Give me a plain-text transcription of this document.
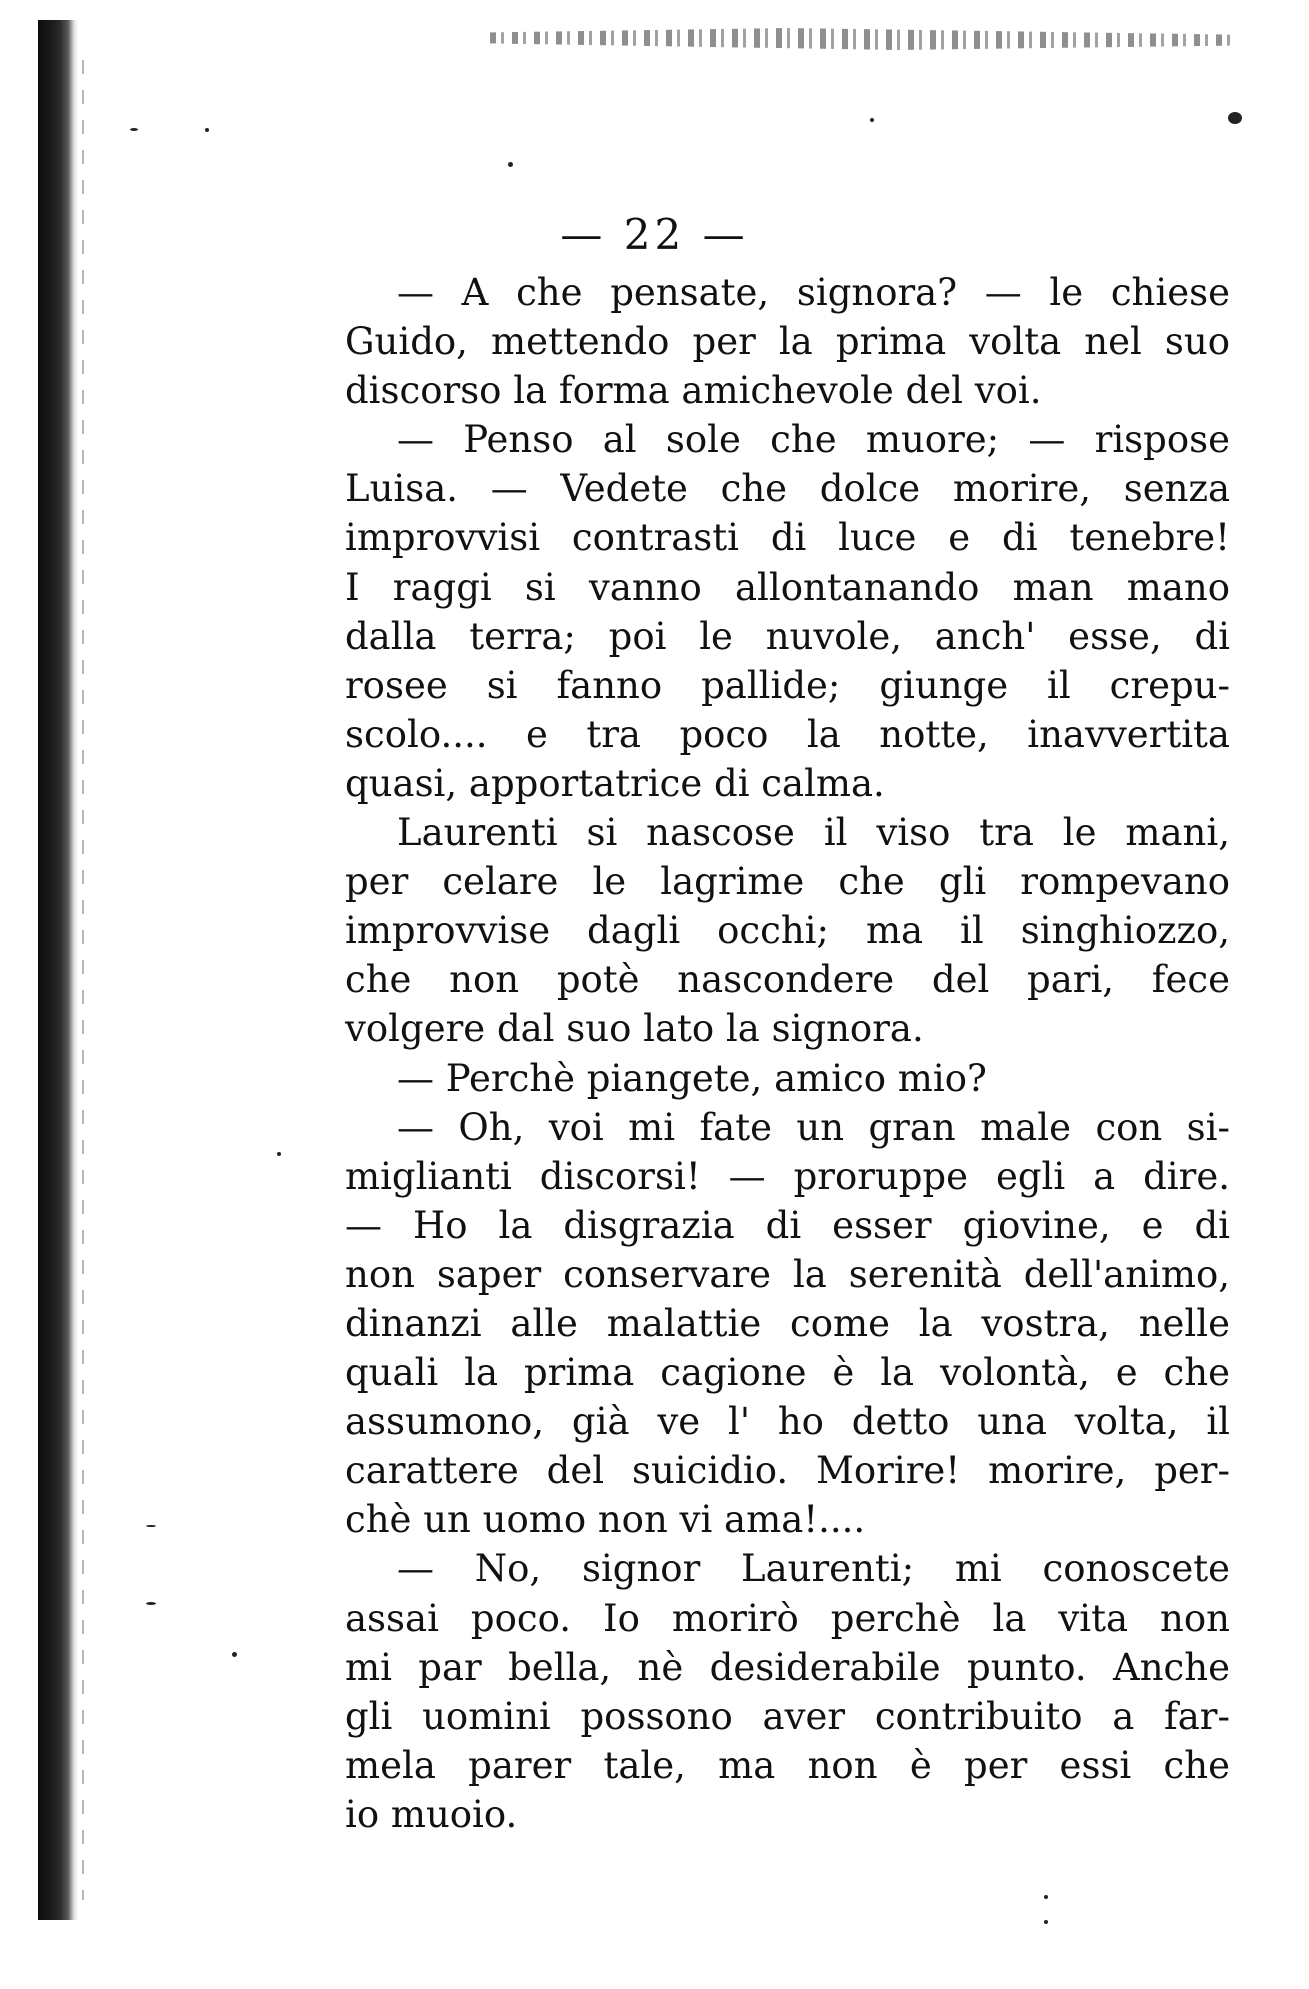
— 22 —
— A che pensate, signora? — le chiese
Guido, mettendo per la prima volta nel suo
discorso la forma amichevole del voi.
— Penso al sole che muore; — rispose
Luisa. — Vedete che dolce morire, senza
improvvisi contrasti di luce e di tenebre!
I raggi si vanno allontanando man mano
dalla terra; poi le nuvole, anch' esse, di
rosee si fanno pallide; giunge il crepu-
scolo.... e tra poco la notte, inavvertita
quasi, apportatrice di calma.
Laurenti si nascose il viso tra le mani,
per celare le lagrime che gli rompevano
improvvise dagli occhi; ma il singhiozzo,
che non potè nascondere del pari, fece
volgere dal suo lato la signora.
— Perchè piangete, amico mio?
— Oh, voi mi fate un gran male con si-
miglianti discorsi! — proruppe egli a dire.
— Ho la disgrazia di esser giovine, e di
non saper conservare la serenità dell'animo,
dinanzi alle malattie come la vostra, nelle
quali la prima cagione è la volontà, e che
assumono, già ve l' ho detto una volta, il
carattere del suicidio. Morire! morire, per-
chè un uomo non vi ama!....
— No, signor Laurenti; mi conoscete
assai poco. Io morirò perchè la vita non
mi par bella, nè desiderabile punto. Anche
gli uomini possono aver contribuito a far-
mela parer tale, ma non è per essi che
io muoio.
